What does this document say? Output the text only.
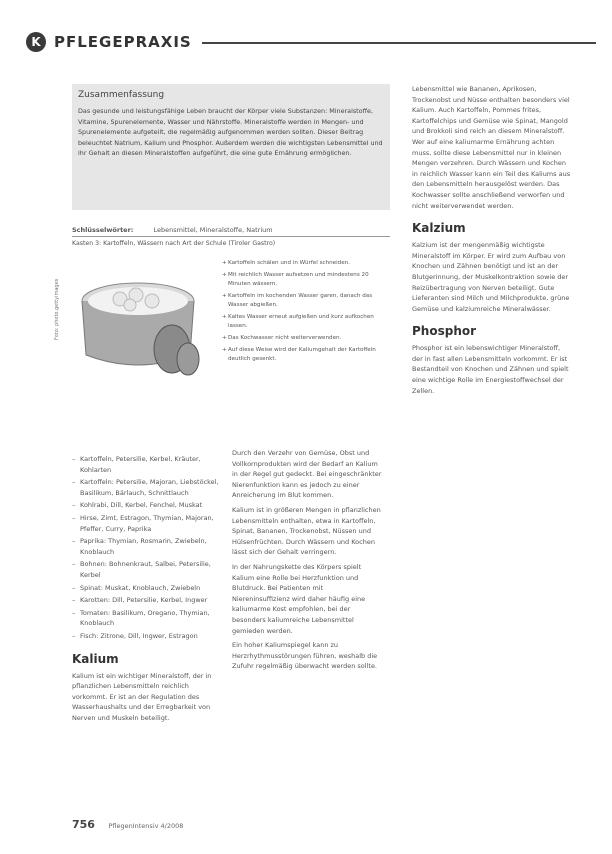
K PFLEGEPRAXIS
Zusammenfassung

Das gesunde und leistungsfähige Leben braucht der Körper viele Substanzen: Mineralstoffe, Vitamine, Spurenelemente, Wasser und Nährstoffe. Mineralstoffe werden in Mengen- und Spurenelemente aufgeteilt, die regelmäßig aufgenommen werden sollten. Dieser Beitrag beleuchtet Natrium, Kalium und Phosphor. Außerdem werden die wichtigsten Lebensmittel und ihr Gehalt an diesen Mineralstoffen aufgeführt, die eine gute Ernährung ermöglichen.

Schlüsselwörter:	Lebensmittel, Mineralstoffe, Natrium
Foto: photo.gettyimages
Kasten 3: Kartoffeln, Wässern nach Art der Schule (Tiroler Gastro)
+ Kartoffeln schälen und in Würfel schneiden.
+ Mit reichlich Wasser aufsetzen und mindestens 20 Minuten wässern.
+ Kartoffeln im kochenden Wasser garen, danach das Wasser abgießen.
+ Kaltes Wasser erneut aufgießen und kurz aufkochen lassen.
+ Das Kochwasser nicht weiterverwenden.
+ Auf diese Weise wird der Kaliumgehalt der Kartoffeln deutlich gesenkt.
– Kartoffeln, Petersilie, Kerbel, Kräuter, Kohlarten
– Kartoffeln: Petersilie, Majoran, Liebstöckel, Basilikum, Bärlauch, Schnittlauch
– Kohlrabi, Dill, Kerbel, Fenchel, Muskat
– Hirse, Zimt, Estragon, Thymian, Majoran, Pfeffer, Curry, Paprika
– Paprika: Thymian, Rosmarin, Zwiebeln, Knoblauch
– Bohnen: Bohnenkraut, Salbei, Petersilie, Kerbel
– Spinat: Muskat, Knoblauch, Zwiebeln
– Karotten: Dill, Petersilie, Kerbel, Ingwer
– Tomaten: Basilikum, Oregano, Thymian, Knoblauch
– Fisch: Zitrone, Dill, Ingwer, Estragon
Kalium

Kalium ist ein wichtiger Mineralstoff, der in pflanzlichen Lebensmitteln reichlich vorkommt. Er ist an der Regulation des Wasserhaushalts und der Erregbarkeit von Nerven und Muskeln beteiligt.

Durch den Verzehr von Gemüse, Obst und Vollkornprodukten wird der Bedarf an Kalium in der Regel gut gedeckt. Bei eingeschränkter Nierenfunktion kann es jedoch zu einer Anreicherung im Blut kommen.

Kalium ist in größeren Mengen in pflanzlichen Lebensmitteln enthalten, etwa in Kartoffeln, Spinat, Bananen, Trockenobst, Nüssen und Hülsenfrüchten. Durch Wässern und Kochen lässt sich der Gehalt verringern.

In der Nahrungskette des Körpers spielt Kalium eine Rolle bei Herzfunktion und Blutdruck. Bei Patienten mit Niereninsuffizienz wird daher häufig eine kaliumarme Kost empfohlen, bei der besonders kaliumreiche Lebensmittel gemieden werden.

Ein hoher Kaliumspiegel kann zu Herzrhythmusstörungen führen, weshalb die Zufuhr regelmäßig überwacht werden sollte.

Lebensmittel wie Bananen, Aprikosen, Trockenobst und Nüsse enthalten besonders viel Kalium. Auch Kartoffeln, Pommes frites, Kartoffelchips und Gemüse wie Spinat, Mangold und Brokkoli sind reich an diesem Mineralstoff. Wer auf eine kaliumarme Ernährung achten muss, sollte diese Lebensmittel nur in kleinen Mengen verzehren. Durch Wässern und Kochen in reichlich Wasser kann ein Teil des Kaliums aus den Lebensmitteln herausgelöst werden. Das Kochwasser sollte anschließend verworfen und nicht weiterverwendet werden.

Kalzium

Kalzium ist der mengenmäßig wichtigste Mineralstoff im Körper. Er wird zum Aufbau von Knochen und Zähnen benötigt und ist an der Blutgerinnung, der Muskelkontraktion sowie der Reizübertragung von Nerven beteiligt. Gute Lieferanten sind Milch und Milchprodukte, grüne Gemüse und kalziumreiche Mineralwässer.

Phosphor

Phosphor ist ein lebenswichtiger Mineralstoff, der in fast allen Lebensmitteln vorkommt. Er ist Bestandteil von Knochen und Zähnen und spielt eine wichtige Rolle im Energiestoffwechsel der Zellen.

756 PflegenIntensiv 4/2008
